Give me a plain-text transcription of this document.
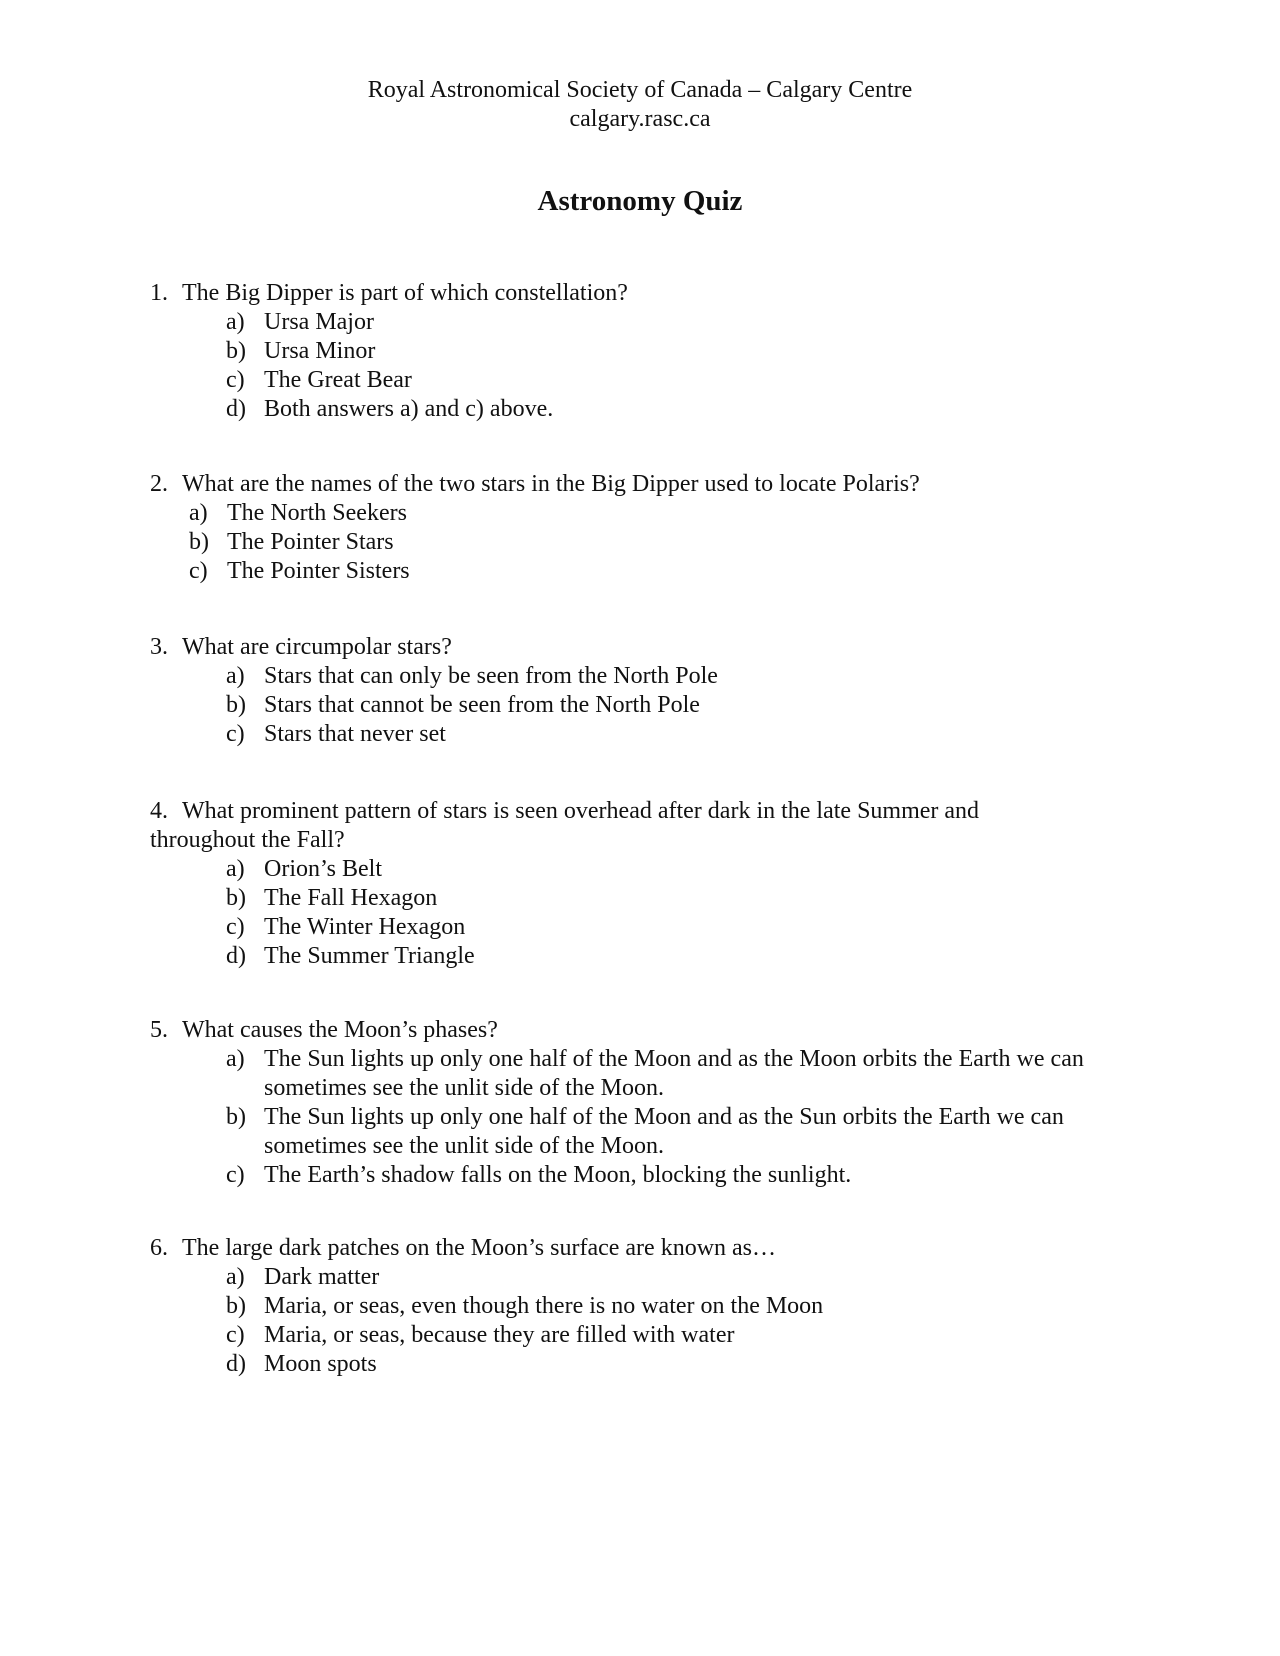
Royal Astronomical Society of Canada – Calgary Centre
calgary.rasc.ca
Astronomy Quiz
1. The Big Dipper is part of which constellation?
a) Ursa Major
b) Ursa Minor
c) The Great Bear
d) Both answers a) and c) above.
2. What are the names of the two stars in the Big Dipper used to locate Polaris?
a) The North Seekers
b) The Pointer Stars
c) The Pointer Sisters
3. What are circumpolar stars?
a) Stars that can only be seen from the North Pole
b) Stars that cannot be seen from the North Pole
c) Stars that never set
4. What prominent pattern of stars is seen overhead after dark in the late Summer and
throughout the Fall?
a) Orion’s Belt
b) The Fall Hexagon
c) The Winter Hexagon
d) The Summer Triangle
5. What causes the Moon’s phases?
a) The Sun lights up only one half of the Moon and as the Moon orbits the Earth we can sometimes see the unlit side of the Moon.
b) The Sun lights up only one half of the Moon and as the Sun orbits the Earth we can sometimes see the unlit side of the Moon.
c) The Earth’s shadow falls on the Moon, blocking the sunlight.
6. The large dark patches on the Moon’s surface are known as…
a) Dark matter
b) Maria, or seas, even though there is no water on the Moon
c) Maria, or seas, because they are filled with water
d) Moon spots
